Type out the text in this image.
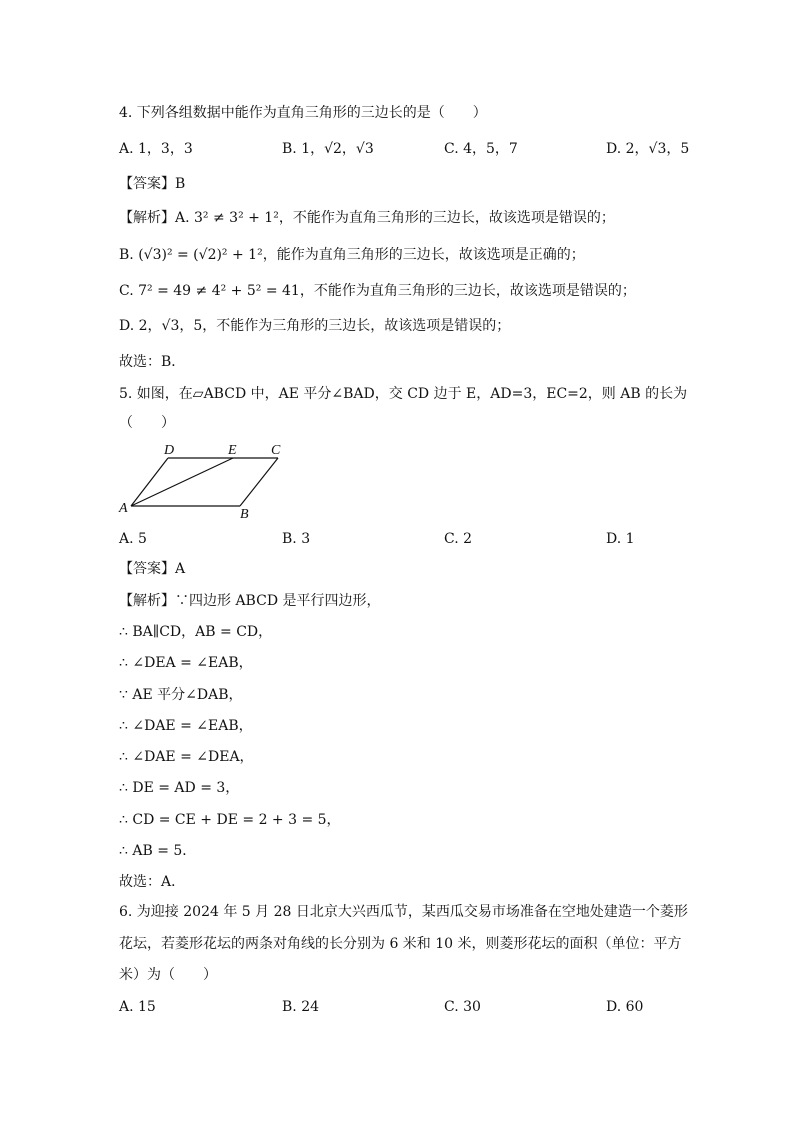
4. 下列各组数据中能作为直角三角形的三边长的是（　　）
A. 1，3，3	B. 1，√2，√3	C. 4，5，7	D. 2，√3，5
【答案】B
【解析】A. 3² ≠ 3² + 1²，不能作为直角三角形的三边长，故该选项是错误的；
B. (√3)² = (√2)² + 1²，能作为直角三角形的三边长，故该选项是正确的；
C. 7² = 49 ≠ 4² + 5² = 41，不能作为直角三角形的三边长，故该选项是错误的；
D. 2，√3，5，不能作为三角形的三边长，故该选项是错误的；
故选：B．
5. 如图，在▱ABCD 中，AE 平分∠BAD，交 CD 边于 E，AD=3，EC=2，则 AB 的长为
（　　）
D	E C
A	B
A. 5	B. 3	C. 2	D. 1
【答案】A
【解析】∵四边形 ABCD 是平行四边形，
∴ BA∥CD，AB = CD，
∴ ∠DEA = ∠EAB，
∵ AE 平分∠DAB，
∴ ∠DAE = ∠EAB，
∴ ∠DAE = ∠DEA，
∴ DE = AD = 3，
∴ CD = CE + DE = 2 + 3 = 5，
∴ AB = 5．
故选：A．
6. 为迎接 2024 年 5 月 28 日北京大兴西瓜节，某西瓜交易市场准备在空地处建造一个菱形
花坛，若菱形花坛的两条对角线的长分别为 6 米和 10 米，则菱形花坛的面积（单位：平方
米）为（　　）
A. 15	B. 24	C. 30	D. 60
